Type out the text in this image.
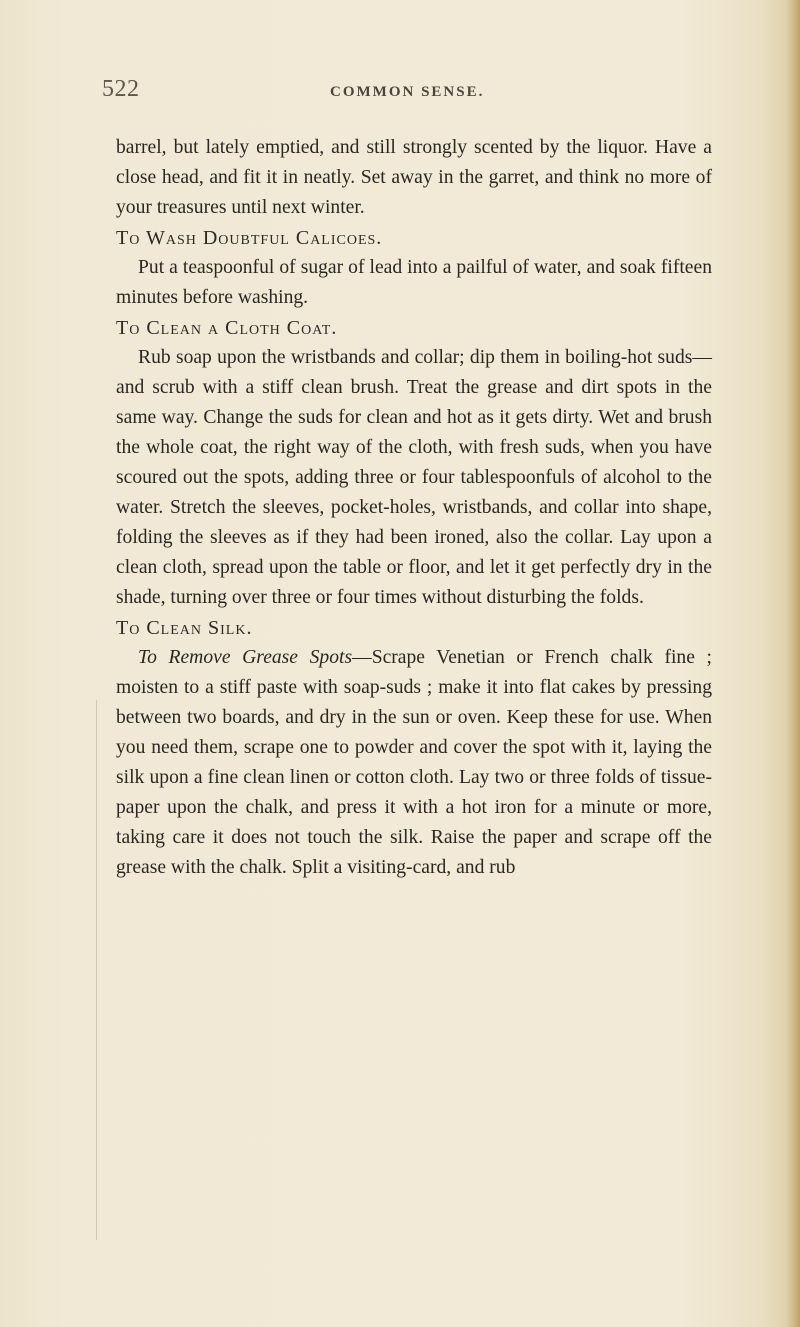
522	COMMON SENSE.

barrel, but lately emptied, and still strongly scented by the liquor. Have a close head, and fit it in neatly. Set away in the garret, and think no more of your treasures until next winter.

To Wash Doubtful Calicoes.

Put a teaspoonful of sugar of lead into a pailful of water, and soak fifteen minutes before washing.

To Clean a Cloth Coat.

Rub soap upon the wristbands and collar; dip them in boiling-hot suds—and scrub with a stiff clean brush. Treat the grease and dirt spots in the same way. Change the suds for clean and hot as it gets dirty. Wet and brush the whole coat, the right way of the cloth, with fresh suds, when you have scoured out the spots, adding three or four tablespoonfuls of alcohol to the water. Stretch the sleeves, pocket-holes, wristbands, and collar into shape, folding the sleeves as if they had been ironed, also the collar. Lay upon a clean cloth, spread upon the table or floor, and let it get perfectly dry in the shade, turning over three or four times without disturbing the folds.

To Clean Silk.

To Remove Grease Spots—Scrape Venetian or French chalk fine ; moisten to a stiff paste with soap-suds ; make it into flat cakes by pressing between two boards, and dry in the sun or oven. Keep these for use. When you need them, scrape one to powder and cover the spot with it, laying the silk upon a fine clean linen or cotton cloth. Lay two or three folds of tissue-paper upon the chalk, and press it with a hot iron for a minute or more, taking care it does not touch the silk. Raise the paper and scrape off the grease with the chalk. Split a visiting-card, and rub
